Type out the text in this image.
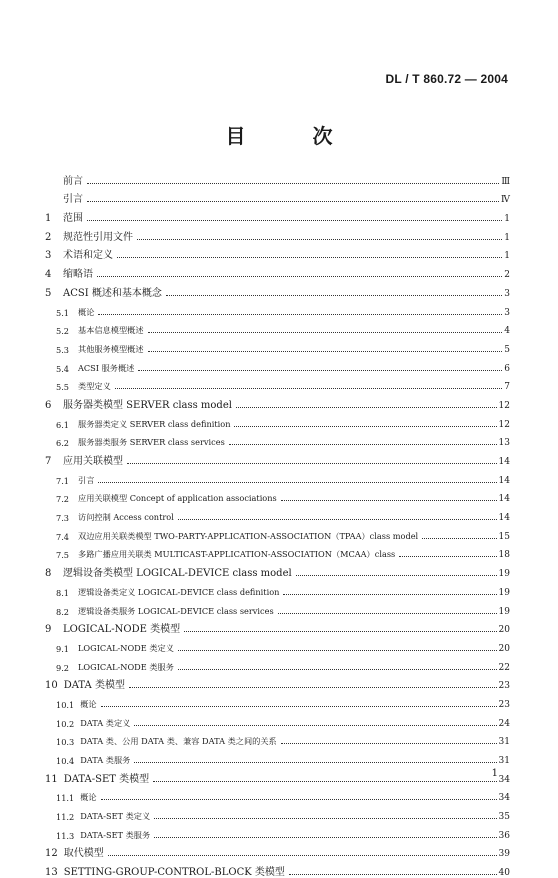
DL / T 860.72 — 2004
目 次
前言	Ⅲ
引言	Ⅳ
1	范围	1
2	规范性引用文件	1
3	术语和定义	1
4	缩略语	2
5	ACSI 概述和基本概念	3
5.1	概论	3
5.2	基本信息模型概述	4
5.3	其他服务模型概述	5
5.4	ACSI 服务概述	6
5.5	类型定义	7
6	服务器类模型 SERVER class model	12
6.1	服务器类定义 SERVER class definition	12
6.2	服务器类服务 SERVER class services	13
7	应用关联模型	14
7.1	引言	14
7.2	应用关联模型 Concept of application associations	14
7.3	访问控制 Access control	14
7.4	双边应用关联类模型 TWO-PARTY-APPLICATION-ASSOCIATION（TPAA）class model	15
7.5	多路广播应用关联类 MULTICAST-APPLICATION-ASSOCIATION（MCAA）class	18
8	逻辑设备类模型 LOGICAL-DEVICE class model	19
8.1	逻辑设备类定义 LOGICAL-DEVICE class definition	19
8.2	逻辑设备类服务 LOGICAL-DEVICE class services	19
9	LOGICAL-NODE 类模型	20
9.1	LOGICAL-NODE 类定义	20
9.2	LOGICAL-NODE 类服务	22
10 DATA 类模型	23
10.1 概论	23
10.2 DATA 类定义	24
10.3 DATA 类、公用 DATA 类、兼容 DATA 类之间的关系	31
10.4 DATA 类服务	31
11 DATA-SET 类模型	34
11.1 概论	34
11.2 DATA-SET 类定义	35
11.3 DATA-SET 类服务	36
12 取代模型	39
13 SETTING-GROUP-CONTROL-BLOCK 类模型	40
1
